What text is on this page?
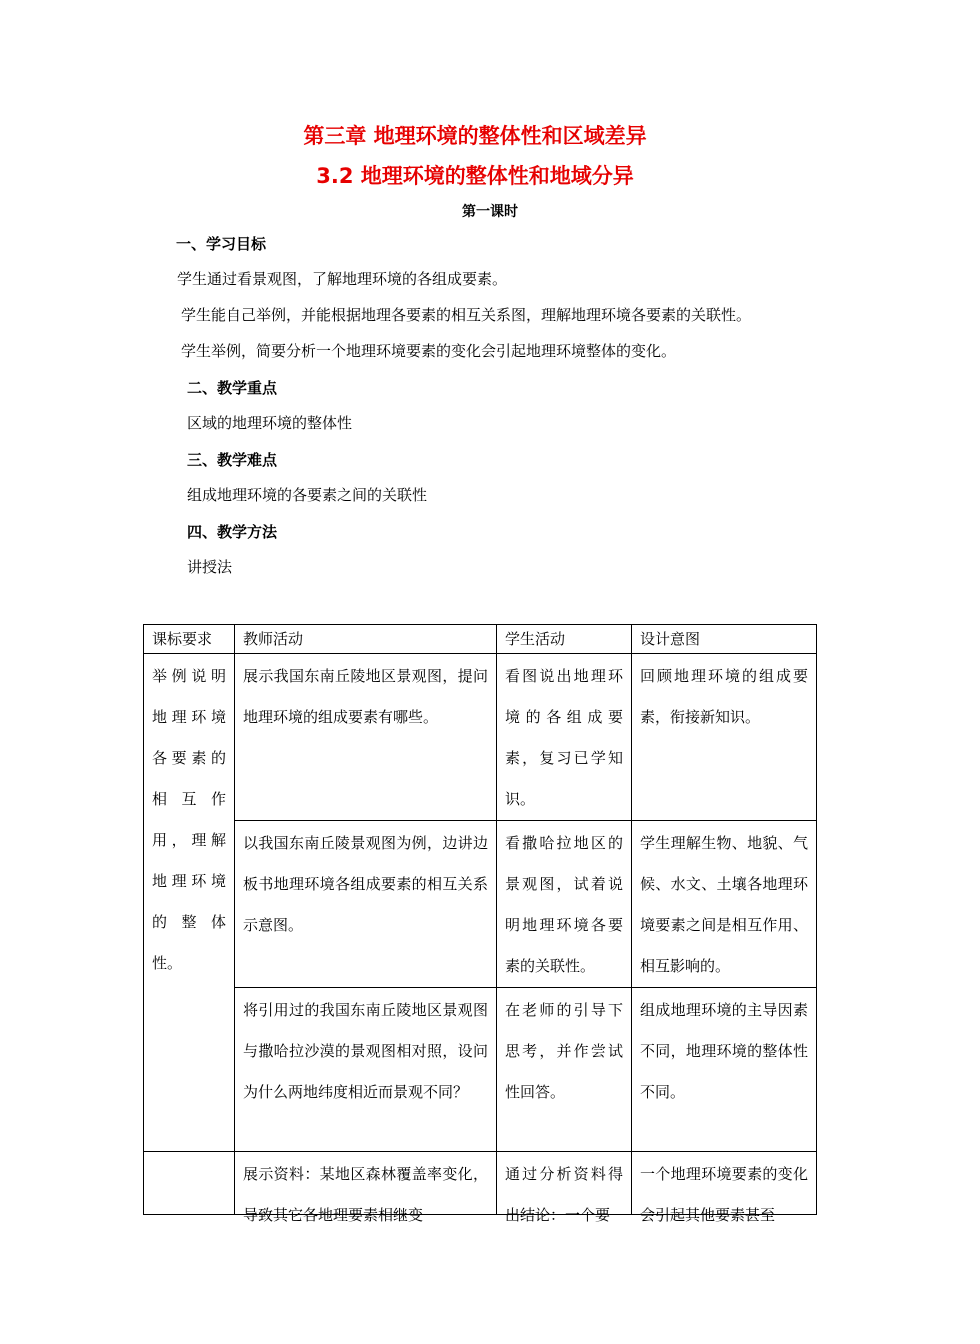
第三章 地理环境的整体性和区域差异
3.2 地理环境的整体性和地域分异
第一课时
一、学习目标
学生通过看景观图，了解地理环境的各组成要素。
学生能自己举例，并能根据地理各要素的相互关系图，理解地理环境各要素的关联性。
学生举例，简要分析一个地理环境要素的变化会引起地理环境整体的变化。
二、教学重点
区域的地理环境的整体性
三、教学难点
组成地理环境的各要素之间的关联性
四、教学方法
讲授法
课标要求	教师活动	学生活动	设计意图
举例说明地理环境各要素的相互作用，理解地理环境的整体性。	展示我国东南丘陵地区景观图，提问地理环境的组成要素有哪些。	看图说出地理环境的各组成要素，复习已学知识。	回顾地理环境的组成要素，衔接新知识。
	以我国东南丘陵景观图为例，边讲边板书地理环境各组成要素的相互关系示意图。	看撒哈拉地区的景观图，试着说明地理环境各要素的关联性。	学生理解生物、地貌、气候、水文、土壤各地理环境要素之间是相互作用、相互影响的。
	将引用过的我国东南丘陵地区景观图与撒哈拉沙漠的景观图相对照，设问为什么两地纬度相近而景观不同？	在老师的引导下思考，并作尝试性回答。	组成地理环境的主导因素不同，地理环境的整体性不同。

	展示资料：某地区森林覆盖率变化，导致其它各地理要素相继变	通过分析资料得出结论：一个要	一个地理环境要素的变化会引起其他要素甚至
